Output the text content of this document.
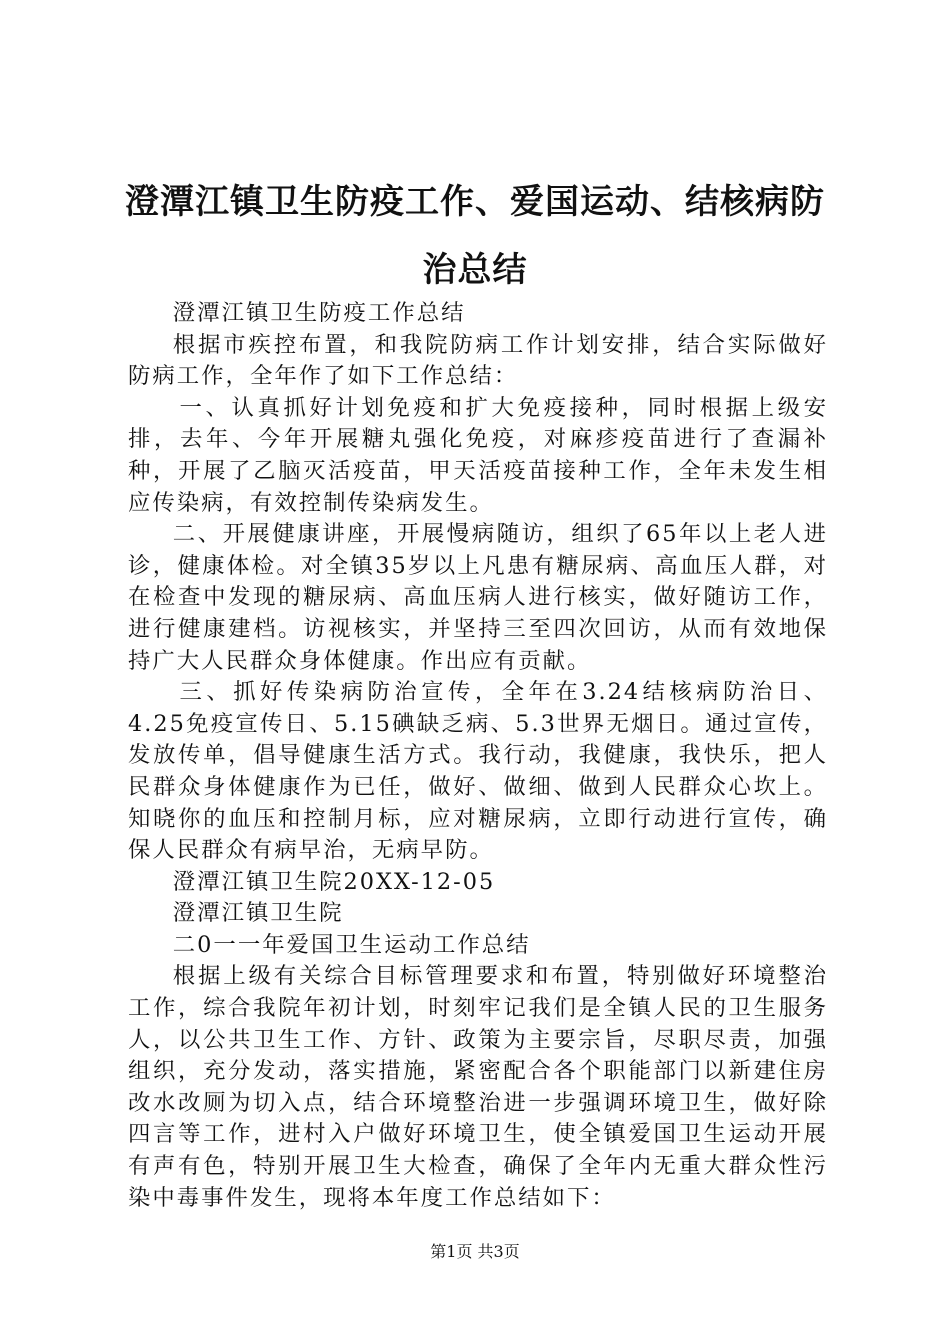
澄潭江镇卫生防疫工作、爱国运动、结核病防
治总结

澄潭江镇卫生防疫工作总结

根据市疾控布置，和我院防病工作计划安排，结合实际做好防病工作，全年作了如下工作总结：

一、认真抓好计划免疫和扩大免疫接种，同时根据上级安排，去年、今年开展糖丸强化免疫，对麻疹疫苗进行了查漏补种，开展了乙脑灭活疫苗，甲天活疫苗接种工作，全年未发生相应传染病，有效控制传染病发生。

二、开展健康讲座，开展慢病随访，组织了65年以上老人进诊，健康体检。对全镇35岁以上凡患有糖尿病、高血压人群，对在检查中发现的糖尿病、高血压病人进行核实，做好随访工作，进行健康建档。访视核实，并坚持三至四次回访，从而有效地保持广大人民群众身体健康。作出应有贡献。

三、抓好传染病防治宣传，全年在3.24结核病防治日、4.25免疫宣传日、5.15碘缺乏病、5.3世界无烟日。通过宣传，发放传单，倡导健康生活方式。我行动，我健康，我快乐，把人民群众身体健康作为已任，做好、做细、做到人民群众心坎上。知晓你的血压和控制月标，应对糖尿病，立即行动进行宣传，确保人民群众有病早治，无病早防。

澄潭江镇卫生院20XX-12-05

澄潭江镇卫生院

二0一一年爱国卫生运动工作总结

根据上级有关综合目标管理要求和布置，特别做好环境整治工作，综合我院年初计划，时刻牢记我们是全镇人民的卫生服务人，以公共卫生工作、方针、政策为主要宗旨，尽职尽责，加强组织，充分发动，落实措施，紧密配合各个职能部门以新建住房改水改厕为切入点，结合环境整治进一步强调环境卫生，做好除四言等工作，进村入户做好环境卫生，使全镇爱国卫生运动开展有声有色，特别开展卫生大检查，确保了全年内无重大群众性污染中毒事件发生，现将本年度工作总结如下：

第1页 共3页
